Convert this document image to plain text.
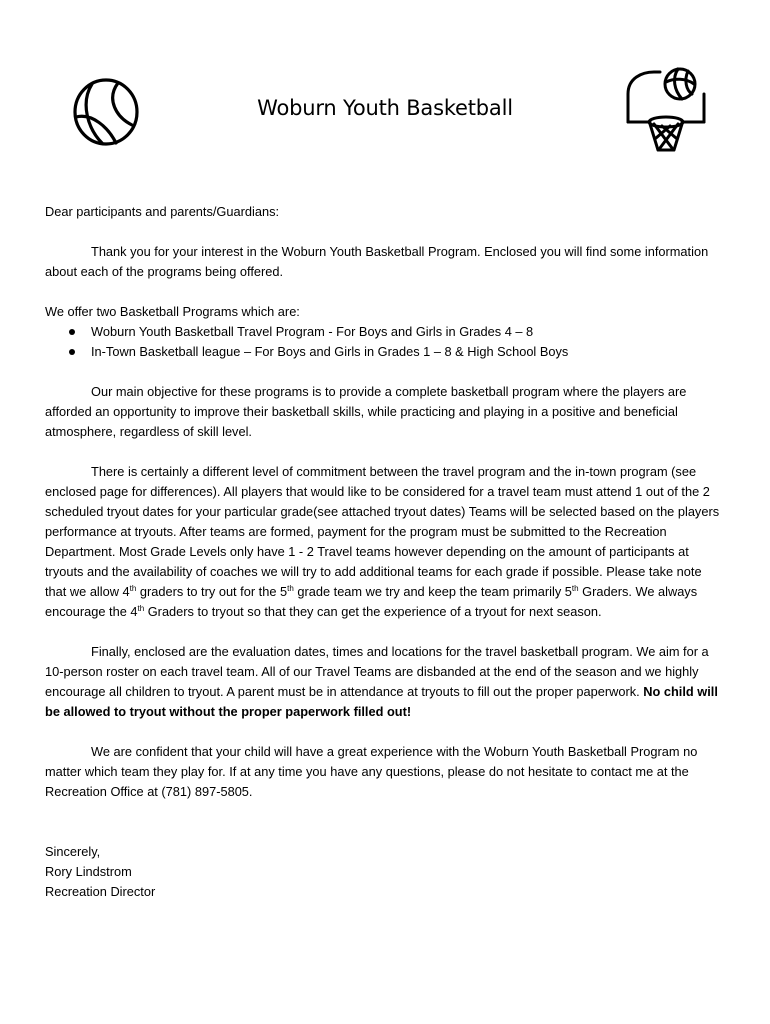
Woburn Youth Basketball

Dear participants and parents/Guardians:

Thank you for your interest in the Woburn Youth Basketball Program. Enclosed you will find some information about each of the programs being offered.

We offer two Basketball Programs which are:

Woburn Youth Basketball Travel Program - For Boys and Girls in Grades 4 – 8
In-Town Basketball league – For Boys and Girls in Grades 1 – 8 & High School Boys

Our main objective for these programs is to provide a complete basketball program where the players are afforded an opportunity to improve their basketball skills, while practicing and playing in a positive and beneficial atmosphere, regardless of skill level.

There is certainly a different level of commitment between the travel program and the in-town program (see enclosed page for differences). All players that would like to be considered for a travel team must attend 1 out of the 2 scheduled tryout dates for your particular grade(see attached tryout dates) Teams will be selected based on the players performance at tryouts. After teams are formed, payment for the program must be submitted to the Recreation Department. Most Grade Levels only have 1 - 2 Travel teams however depending on the amount of participants at tryouts and the availability of coaches we will try to add additional teams for each grade if possible. Please take note that we allow 4th graders to try out for the 5th grade team we try and keep the team primarily 5th Graders. We always encourage the 4th Graders to tryout so that they can get the experience of a tryout for next season.

Finally, enclosed are the evaluation dates, times and locations for the travel basketball program. We aim for a 10-person roster on each travel team. All of our Travel Teams are disbanded at the end of the season and we highly encourage all children to tryout. A parent must be in attendance at tryouts to fill out the proper paperwork. No child will be allowed to tryout without the proper paperwork filled out!

We are confident that your child will have a great experience with the Woburn Youth Basketball Program no matter which team they play for. If at any time you have any questions, please do not hesitate to contact me at the Recreation Office at (781) 897-5805.

Sincerely,
Rory Lindstrom
Recreation Director
